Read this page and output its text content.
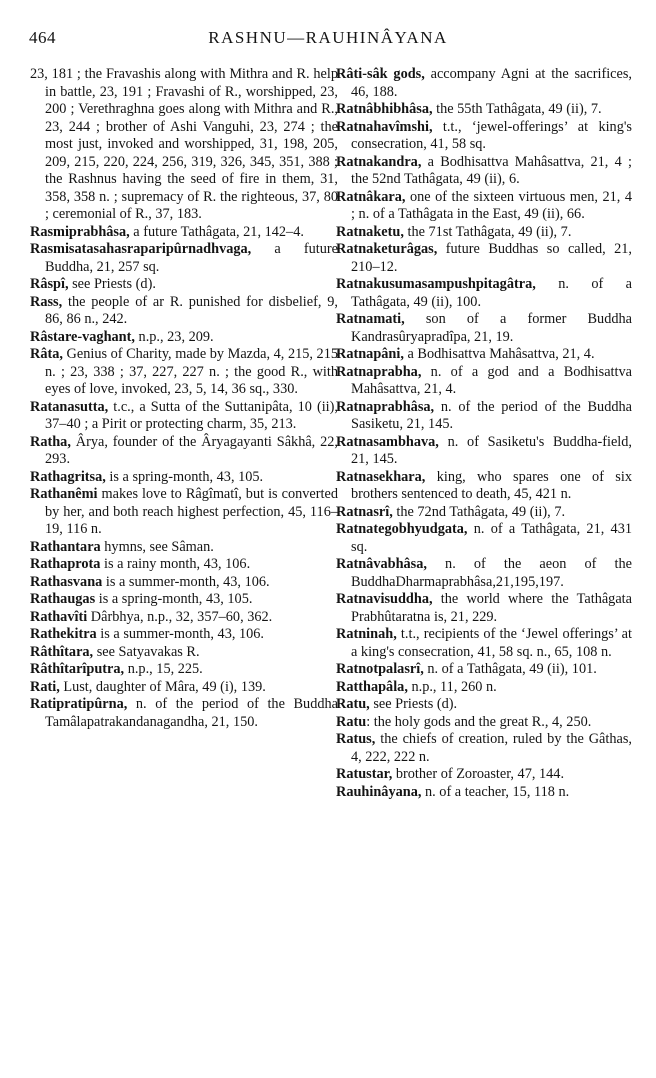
464	RASHNU—RAUHINÂYANA
23, 181 ; the Fravashis along with Mithra and R. help in battle, 23, 191 ; Fravashi of R., worshipped, 23, 200 ; Verethraghna goes along with Mithra and R., 23, 244 ; brother of Ashi Vanguhi, 23, 274 ; the most just, invoked and worshipped, 31, 198, 205, 209, 215, 220, 224, 256, 319, 326, 345, 351, 388 ; the Rashnus having the seed of fire in them, 31, 358, 358 n. ; supremacy of R. the righteous, 37, 80 ; ceremonial of R., 37, 183.
Rasmiprabhâsa, a future Tathâgata, 21, 142–4.
Rasmisatasahasraparipûrnadhvaga, a future Buddha, 21, 257 sq.
Râspî, see Priests (d).
Rass, the people of ar R. punished for disbelief, 9, 86, 86 n., 242.
Râstare-vaghant, n.p., 23, 209.
Râta, Genius of Charity, made by Mazda, 4, 215, 215 n. ; 23, 338 ; 37, 227, 227 n. ; the good R., with eyes of love, invoked, 23, 5, 14, 36 sq., 330.
Ratanasutta, t.c., a Sutta of the Suttanipâta, 10 (ii), 37–40 ; a Pirit or protecting charm, 35, 213.
Ratha, Ârya, founder of the Âryagayanti Sâkhâ, 22, 293.
Rathagritsa, is a spring-month, 43, 105.
Rathanêmi makes love to Râgîmatî, but is converted by her, and both reach highest perfection, 45, 116–19, 116 n.
Rathantara hymns, see Sâman.
Rathaprota is a rainy month, 43, 106.
Rathasvana is a summer-month, 43, 106.
Rathaugas is a spring-month, 43, 105.
Rathavîti Dârbhya, n.p., 32, 357–60, 362.
Rathekitra is a summer-month, 43, 106.
Râthîtara, see Satyavakas R.
Râthîtarîputra, n.p., 15, 225.
Rati, Lust, daughter of Mâra, 49 (i), 139.
Ratipratipûrna, n. of the period of the Buddha Tamâlapatrakandanagandha, 21, 150.
Râti-sâk gods, accompany Agni at the sacrifices, 46, 188.
Ratnâbhibhâsa, the 55th Tathâgata, 49 (ii), 7.
Ratnahavîmshi, t.t., ‘jewel-offerings’ at king's consecration, 41, 58 sq.
Ratnakandra, a Bodhisattva Mahâsattva, 21, 4 ; the 52nd Tathâgata, 49 (ii), 6.
Ratnâkara, one of the sixteen virtuous men, 21, 4 ; n. of a Tathâgata in the East, 49 (ii), 66.
Ratnaketu, the 71st Tathâgata, 49 (ii), 7.
Ratnaketurâgas, future Buddhas so called, 21, 210–12.
Ratnakusumasampushpitagâtra, n. of a Tathâgata, 49 (ii), 100.
Ratnamati, son of a former Buddha Kandrasûryapradîpa, 21, 19.
Ratnapâni, a Bodhisattva Mahâsattva, 21, 4.
Ratnaprabha, n. of a god and a Bodhisattva Mahâsattva, 21, 4.
Ratnaprabhâsa, n. of the period of the Buddha Sasiketu, 21, 145.
Ratnasambhava, n. of Sasiketu's Buddha-field, 21, 145.
Ratnasekhara, king, who spares one of six brothers sentenced to death, 45, 421 n.
Ratnasrî, the 72nd Tathâgata, 49 (ii), 7.
Ratnategobhyudgata, n. of a Tathâgata, 21, 431 sq.
Ratnâvabhâsa, n. of the aeon of the BuddhaDharmaprabhâsa,21,195,197.
Ratnavisuddha, the world where the Tathâgata Prabhûtaratna is, 21, 229.
Ratninah, t.t., recipients of the ‘Jewel offerings’ at a king's consecration, 41, 58 sq. n., 65, 108 n.
Ratnotpalasrî, n. of a Tathâgata, 49 (ii), 101.
Ratthapâla, n.p., 11, 260 n.
Ratu, see Priests (d).
Ratu: the holy gods and the great R., 4, 250.
Ratus, the chiefs of creation, ruled by the Gâthas, 4, 222, 222 n.
Ratustar, brother of Zoroaster, 47, 144.
Rauhinâyana, n. of a teacher, 15, 118 n.
